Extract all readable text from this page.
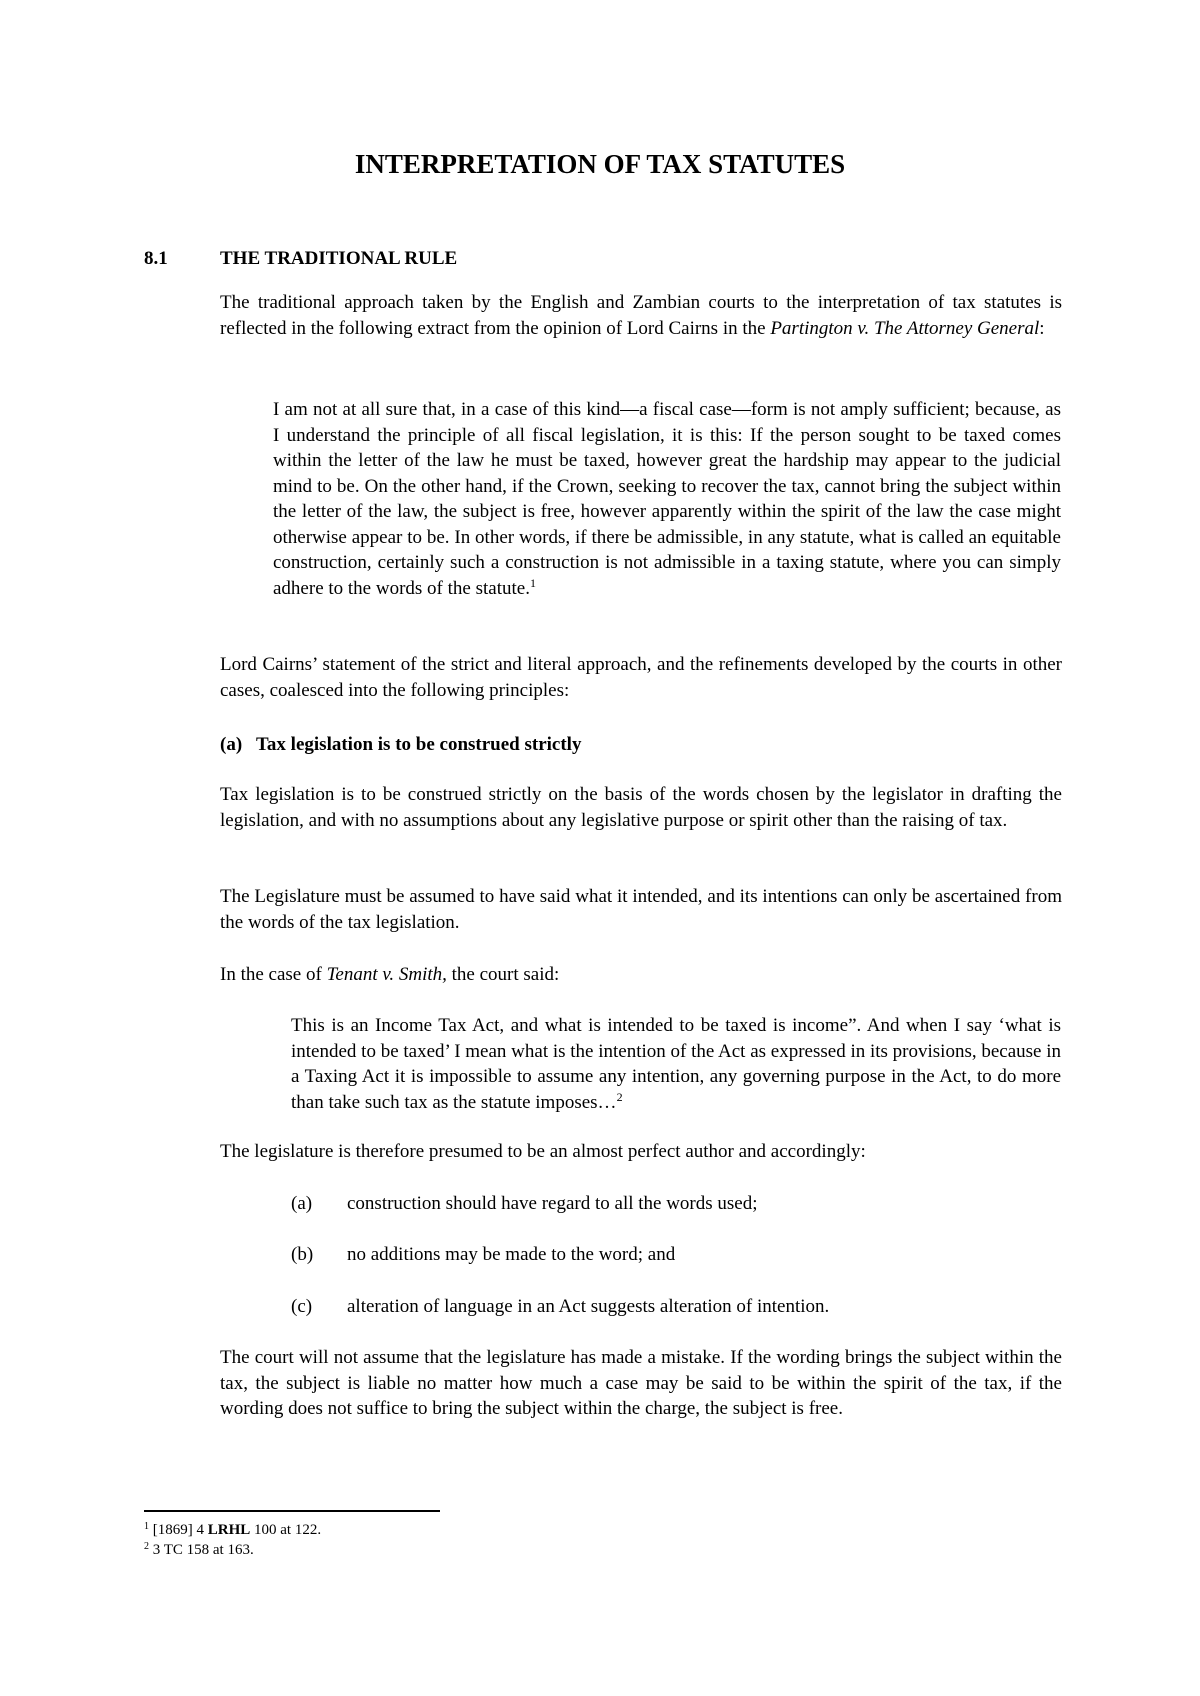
INTERPRETATION OF TAX STATUTES
8.1	THE TRADITIONAL RULE

The traditional approach taken by the English and Zambian courts to the interpretation of tax statutes is reflected in the following extract from the opinion of Lord Cairns in the Partington v. The Attorney General:

I am not at all sure that, in a case of this kind—a fiscal case—form is not amply sufficient; because, as I understand the principle of all fiscal legislation, it is this: If the person sought to be taxed comes within the letter of the law he must be taxed, however great the hardship may appear to the judicial mind to be. On the other hand, if the Crown, seeking to recover the tax, cannot bring the subject within the letter of the law, the subject is free, however apparently within the spirit of the law the case might otherwise appear to be. In other words, if there be admissible, in any statute, what is called an equitable construction, certainly such a construction is not admissible in a taxing statute, where you can simply adhere to the words of the statute.$^1$

Lord Cairns’ statement of the strict and literal approach, and the refinements developed by the courts in other cases, coalesced into the following principles:

(a) Tax legislation is to be construed strictly

Tax legislation is to be construed strictly on the basis of the words chosen by the legislator in drafting the legislation, and with no assumptions about any legislative purpose or spirit other than the raising of tax.

The Legislature must be assumed to have said what it intended, and its intentions can only be ascertained from the words of the tax legislation.

In the case of Tenant v. Smith, the court said:

This is an Income Tax Act, and what is intended to be taxed is income”. And when I say ‘what is intended to be taxed’ I mean what is the intention of the Act as expressed in its provisions, because in a Taxing Act it is impossible to assume any intention, any governing purpose in the Act, to do more than take such tax as the statute imposes…$^2$

The legislature is therefore presumed to be an almost perfect author and accordingly:

(a) construction should have regard to all the words used;

(b) no additions may be made to the word; and

(c) alteration of language in an Act suggests alteration of intention.

The court will not assume that the legislature has made a mistake. If the wording brings the subject within the tax, the subject is liable no matter how much a case may be said to be within the spirit of the tax, if the wording does not suffice to bring the subject within the charge, the subject is free.

$^1$ [1869] 4 LRHL 100 at 122.

$^2$ 3 TC 158 at 163.
